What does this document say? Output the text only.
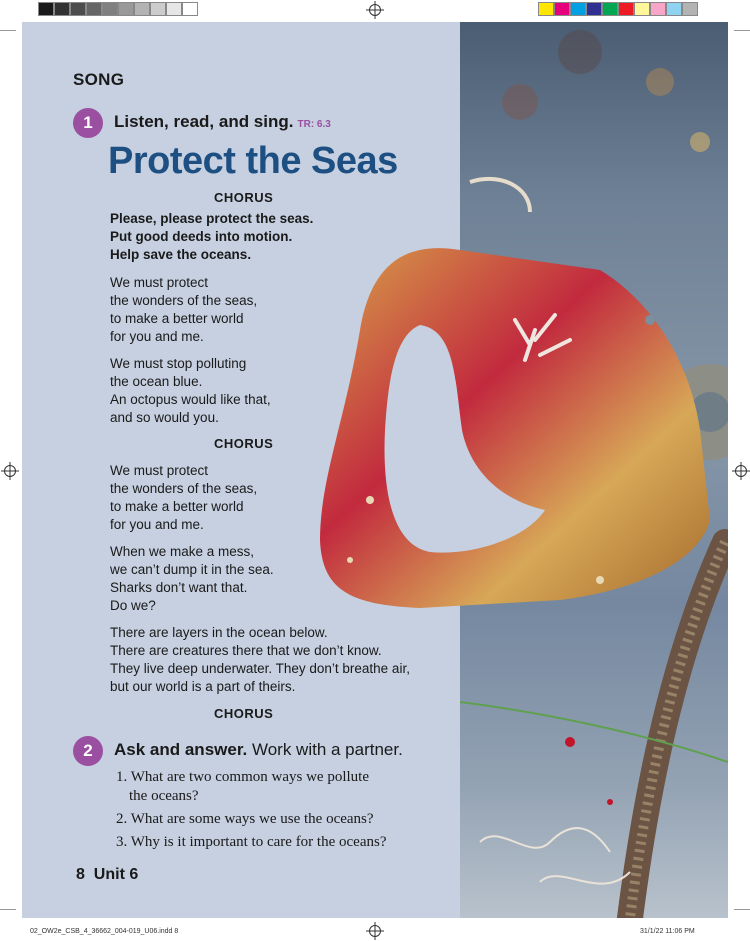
SONG
1	Listen, read, and sing. TR: 6.3
Protect the Seas
CHORUS
Please, please protect the seas.
Put good deeds into motion.
Help save the oceans.
We must protect
the wonders of the seas,
to make a better world
for you and me.
We must stop polluting
the ocean blue.
An octopus would like that,
and so would you.
CHORUS
We must protect
the wonders of the seas,
to make a better world
for you and me.
When we make a mess,
we can’t dump it in the sea.
Sharks don’t want that.
Do we?
There are layers in the ocean below.
There are creatures there that we don’t know.
They live deep underwater. They don’t breathe air,
but our world is a part of theirs.
CHORUS
2	Ask and answer. Work with a partner.
1. What are two common ways we pollute
the oceans?
2. What are some ways we use the oceans?
3. Why is it important to care for the oceans?
8 Unit 6
02_OW2e_CSB_4_36662_004-019_U06.indd 8	31/1/22 11:06 PM
